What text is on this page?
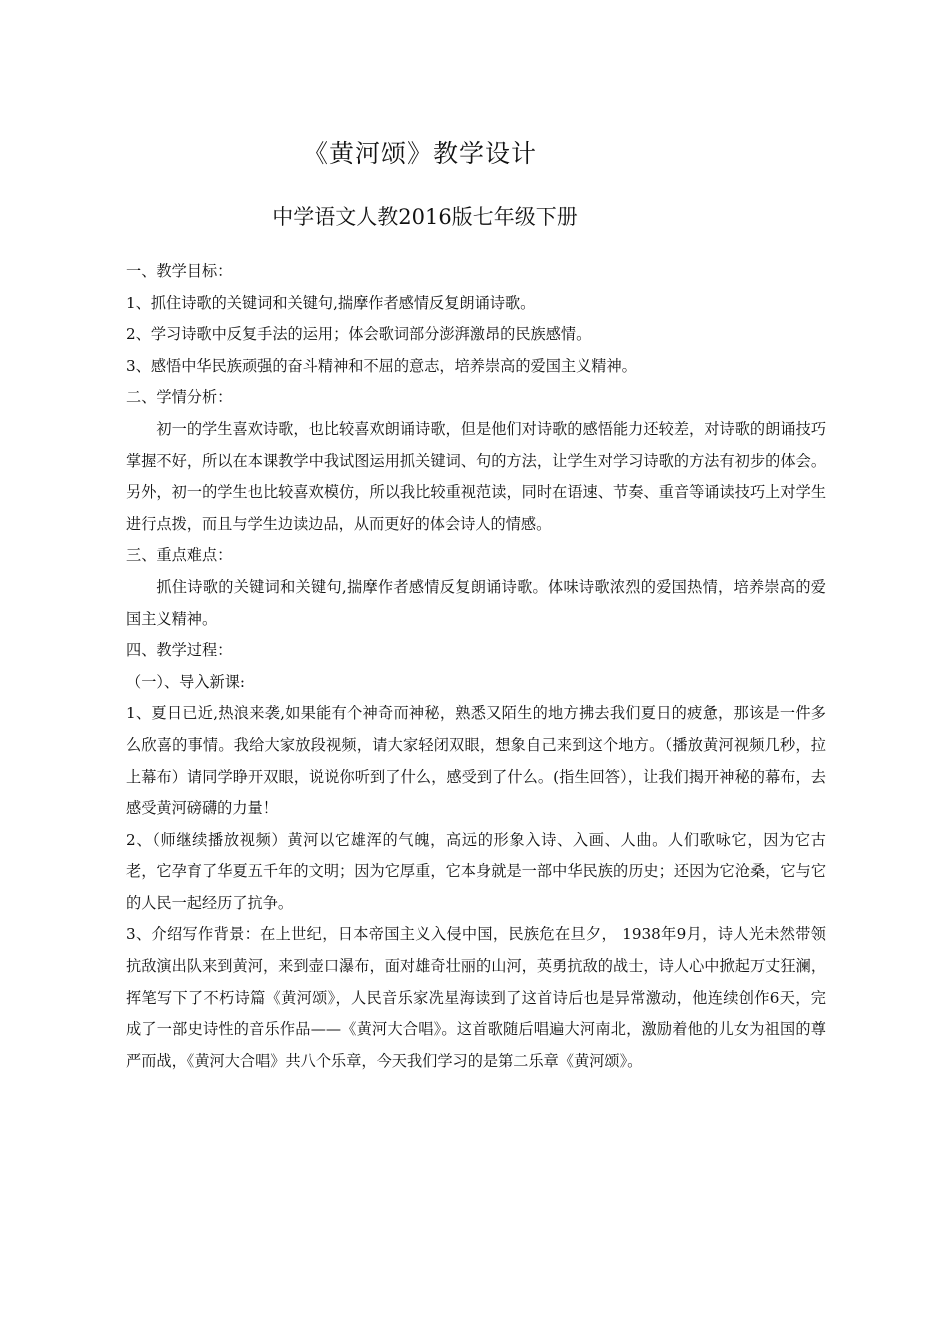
《黄河颂》教学设计
中学语文人教2016版七年级下册

一、教学目标：

1、抓住诗歌的关键词和关键句,揣摩作者感情反复朗诵诗歌。

2、学习诗歌中反复手法的运用；体会歌词部分澎湃激昂的民族感情。

3、感悟中华民族顽强的奋斗精神和不屈的意志，培养崇高的爱国主义精神。

二、学情分析：

初一的学生喜欢诗歌，也比较喜欢朗诵诗歌，但是他们对诗歌的感悟能力还较差，对诗歌的朗诵技巧掌握不好，所以在本课教学中我试图运用抓关键词、句的方法，让学生对学习诗歌的方法有初步的体会。另外，初一的学生也比较喜欢模仿，所以我比较重视范读，同时在语速、节奏、重音等诵读技巧上对学生进行点拨，而且与学生边读边品，从而更好的体会诗人的情感。

三、重点难点：

抓住诗歌的关键词和关键句,揣摩作者感情反复朗诵诗歌。体味诗歌浓烈的爱国热情，培养崇高的爱国主义精神。

四、教学过程：

（一）、导入新课:

1、夏日已近,热浪来袭,如果能有个神奇而神秘，熟悉又陌生的地方拂去我们夏日的疲惫，那该是一件多么欣喜的事情。我给大家放段视频，请大家轻闭双眼，想象自己来到这个地方。（播放黄河视频几秒，拉上幕布）请同学睁开双眼，说说你听到了什么，感受到了什么。(指生回答），让我们揭开神秘的幕布，去感受黄河磅礴的力量！

2、（师继续播放视频）黄河以它雄浑的气魄，高远的形象入诗、入画、人曲。人们歌咏它，因为它古老，它孕育了华夏五千年的文明；因为它厚重，它本身就是一部中华民族的历史；还因为它沧桑，它与它的人民一起经历了抗争。

3、介绍写作背景：在上世纪，日本帝国主义入侵中国，民族危在旦夕， 1938年9月，诗人光未然带领抗敌演出队来到黄河，来到壶口瀑布，面对雄奇壮丽的山河，英勇抗敌的战士，诗人心中掀起万丈狂澜，挥笔写下了不朽诗篇《黄河颂》，人民音乐家冼星海读到了这首诗后也是异常激动，他连续创作6天，完成了一部史诗性的音乐作品——《黄河大合唱》。这首歌随后唱遍大河南北，激励着他的儿女为祖国的尊严而战，《黄河大合唱》共八个乐章，今天我们学习的是第二乐章《黄河颂》。
